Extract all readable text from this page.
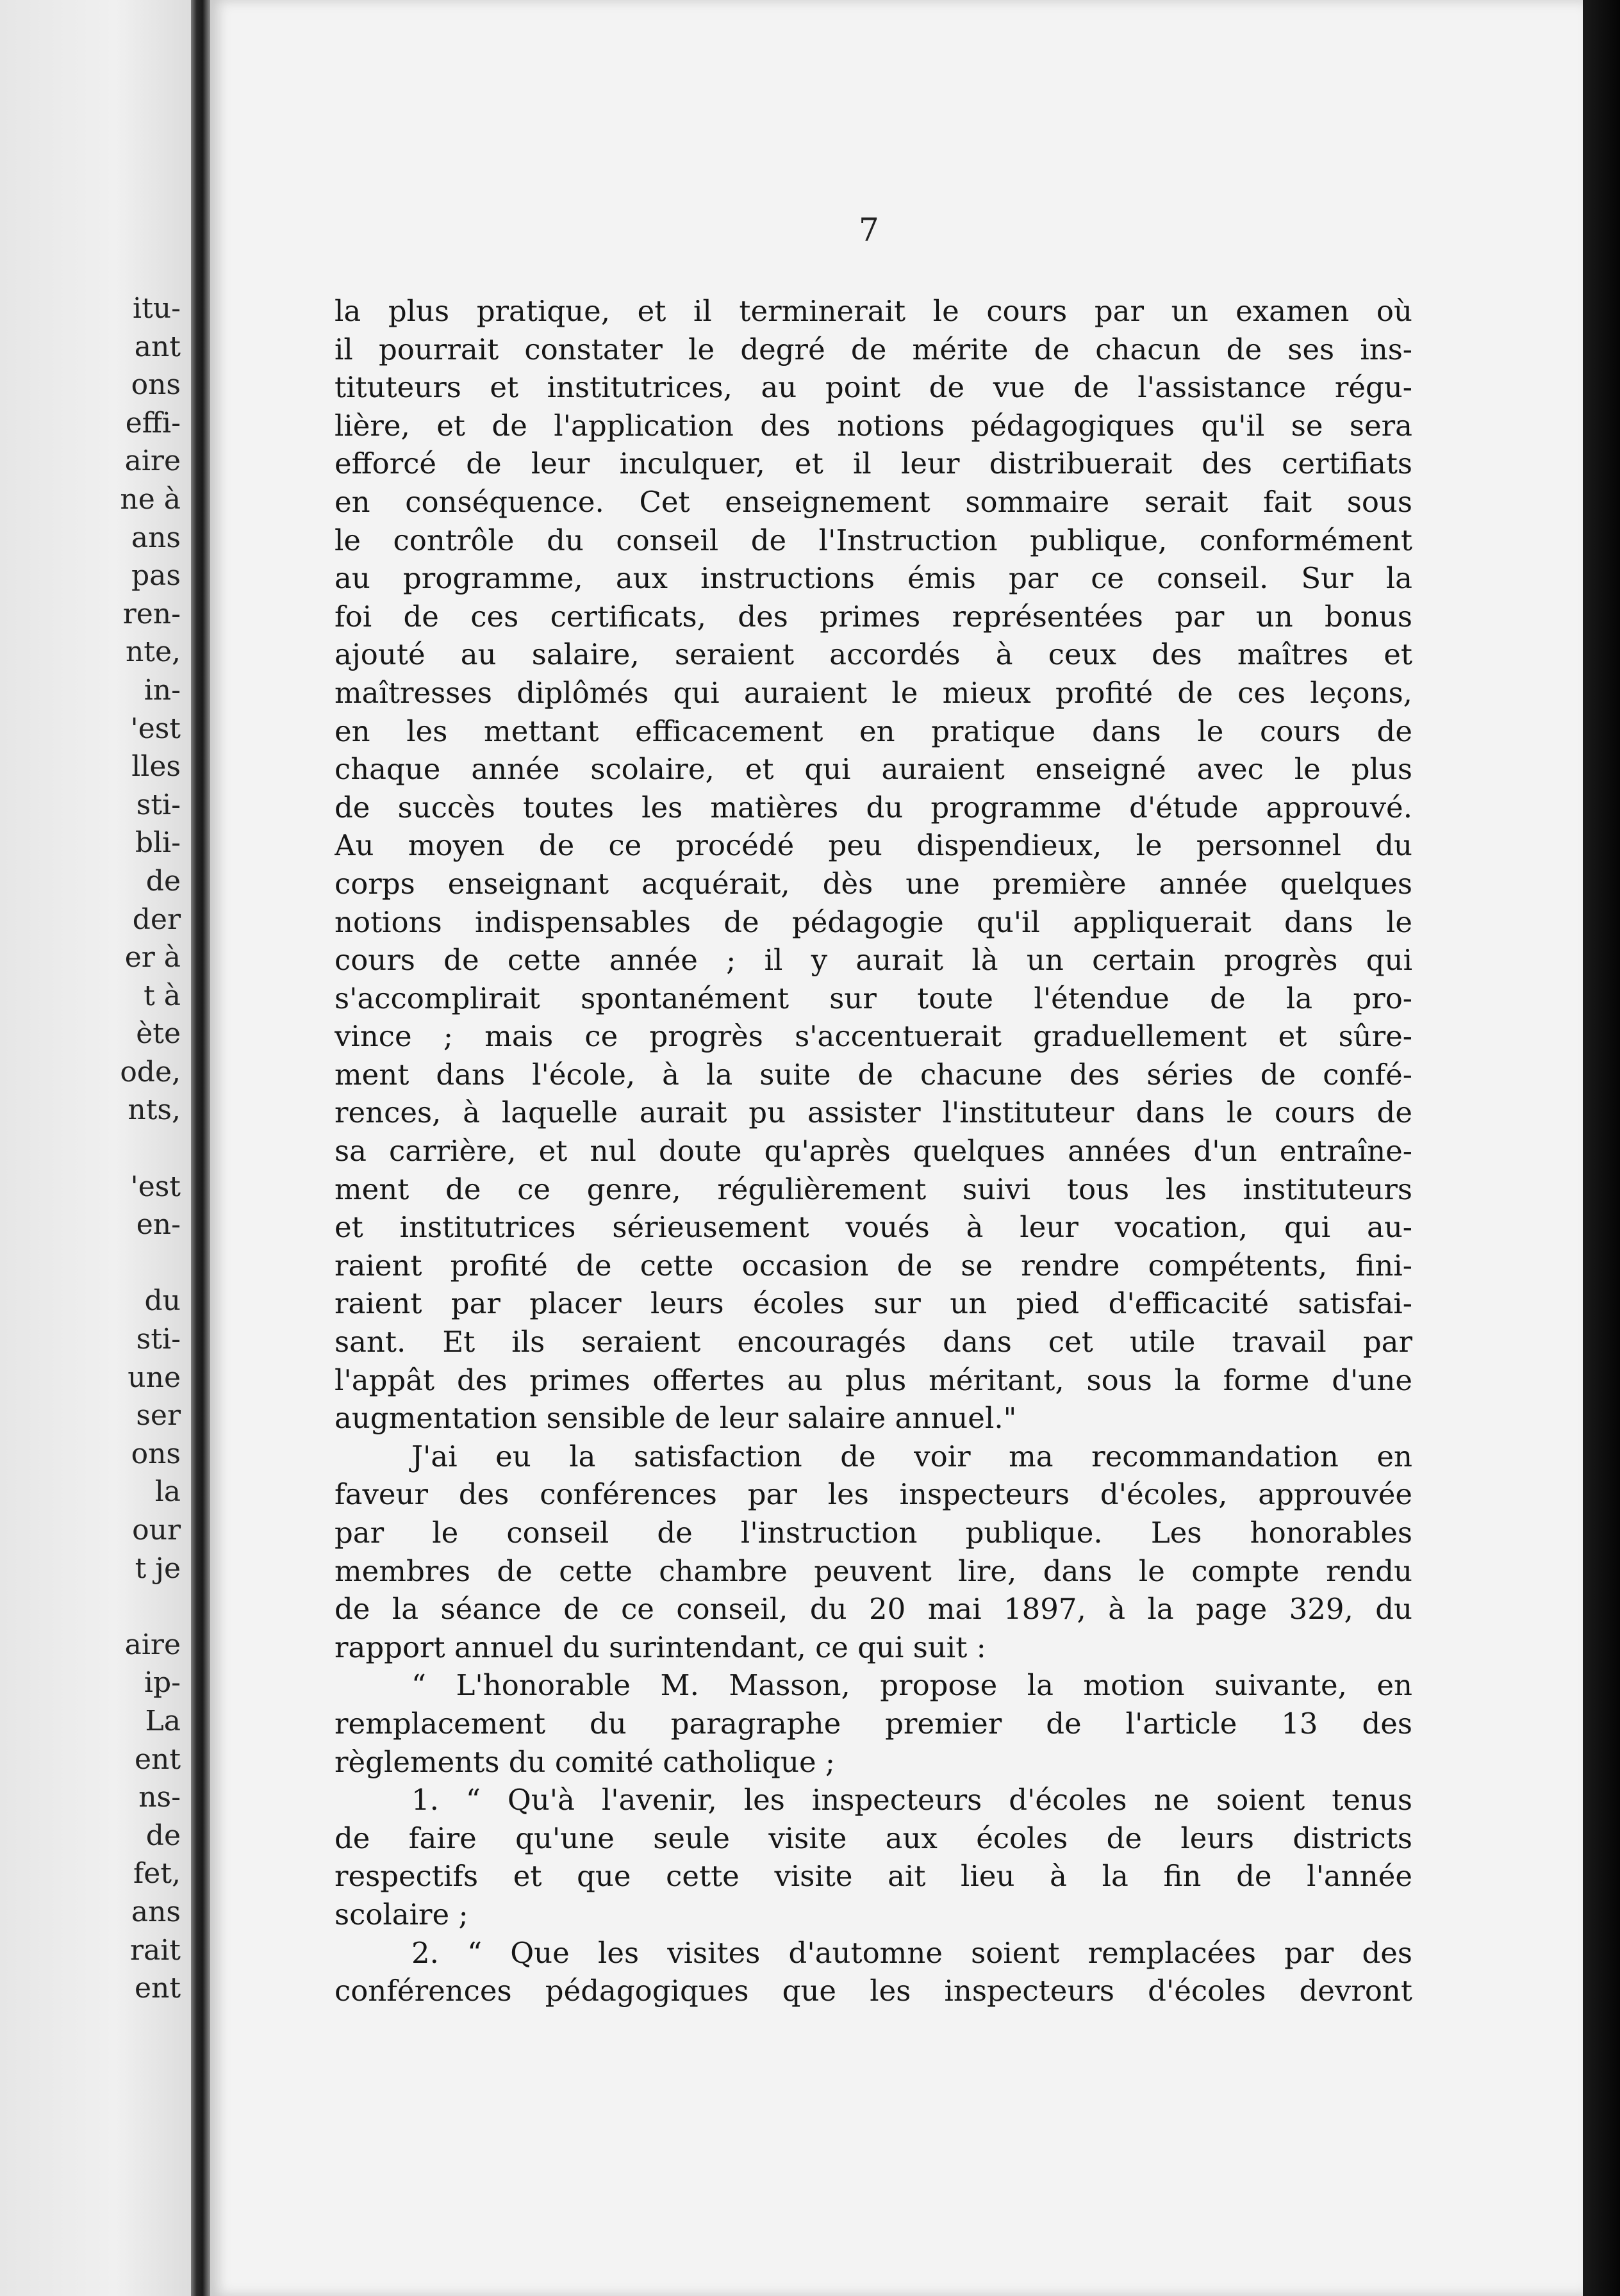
itu-
ant
ons
effi-
aire
ne à
ans
pas
ren-
nte,
in-
'est
lles
sti-
bli-
de
der
er à
t à
ète
ode,
nts,
'est
en-
du
sti-
une
ser
ons
la
our
t je
aire
ip-
La
ent
ns-
de
fet,
ans
rait
ent
7
la plus pratique, et il terminerait le cours par un examen où
il pourrait constater le degré de mérite de chacun de ses ins-
tituteurs et institutrices, au point de vue de l'assistance régu-
lière, et de l'application des notions pédagogiques qu'il se sera
efforcé de leur inculquer, et il leur distribuerait des certifiats
en conséquence. Cet enseignement sommaire serait fait sous
le contrôle du conseil de l'Instruction publique, conformément
au programme, aux instructions émis par ce conseil. Sur la
foi de ces certificats, des primes représentées par un bonus
ajouté au salaire, seraient accordés à ceux des maîtres et
maîtresses diplômés qui auraient le mieux profité de ces leçons,
en les mettant efficacement en pratique dans le cours de
chaque année scolaire, et qui auraient enseigné avec le plus
de succès toutes les matières du programme d'étude approuvé.
Au moyen de ce procédé peu dispendieux, le personnel du
corps enseignant acquérait, dès une première année quelques
notions indispensables de pédagogie qu'il appliquerait dans le
cours de cette année ; il y aurait là un certain progrès qui
s'accomplirait spontanément sur toute l'étendue de la pro-
vince ; mais ce progrès s'accentuerait graduellement et sûre-
ment dans l'école, à la suite de chacune des séries de confé-
rences, à laquelle aurait pu assister l'instituteur dans le cours de
sa carrière, et nul doute qu'après quelques années d'un entraîne-
ment de ce genre, régulièrement suivi tous les instituteurs
et institutrices sérieusement voués à leur vocation, qui au-
raient profité de cette occasion de se rendre compétents, fini-
raient par placer leurs écoles sur un pied d'efficacité satisfai-
sant. Et ils seraient encouragés dans cet utile travail par
l'appât des primes offertes au plus méritant, sous la forme d'une
augmentation sensible de leur salaire annuel."
J'ai eu la satisfaction de voir ma recommandation en
faveur des conférences par les inspecteurs d'écoles, approuvée
par le conseil de l'instruction publique. Les honorables
membres de cette chambre peuvent lire, dans le compte rendu
de la séance de ce conseil, du 20 mai 1897, à la page 329, du
rapport annuel du surintendant, ce qui suit :
“ L'honorable M. Masson, propose la motion suivante, en
remplacement du paragraphe premier de l'article 13 des
règlements du comité catholique ;
1. “ Qu'à l'avenir, les inspecteurs d'écoles ne soient tenus
de faire qu'une seule visite aux écoles de leurs districts
respectifs et que cette visite ait lieu à la fin de l'année
scolaire ;
2. “ Que les visites d'automne soient remplacées par des
conférences pédagogiques que les inspecteurs d'écoles devront
